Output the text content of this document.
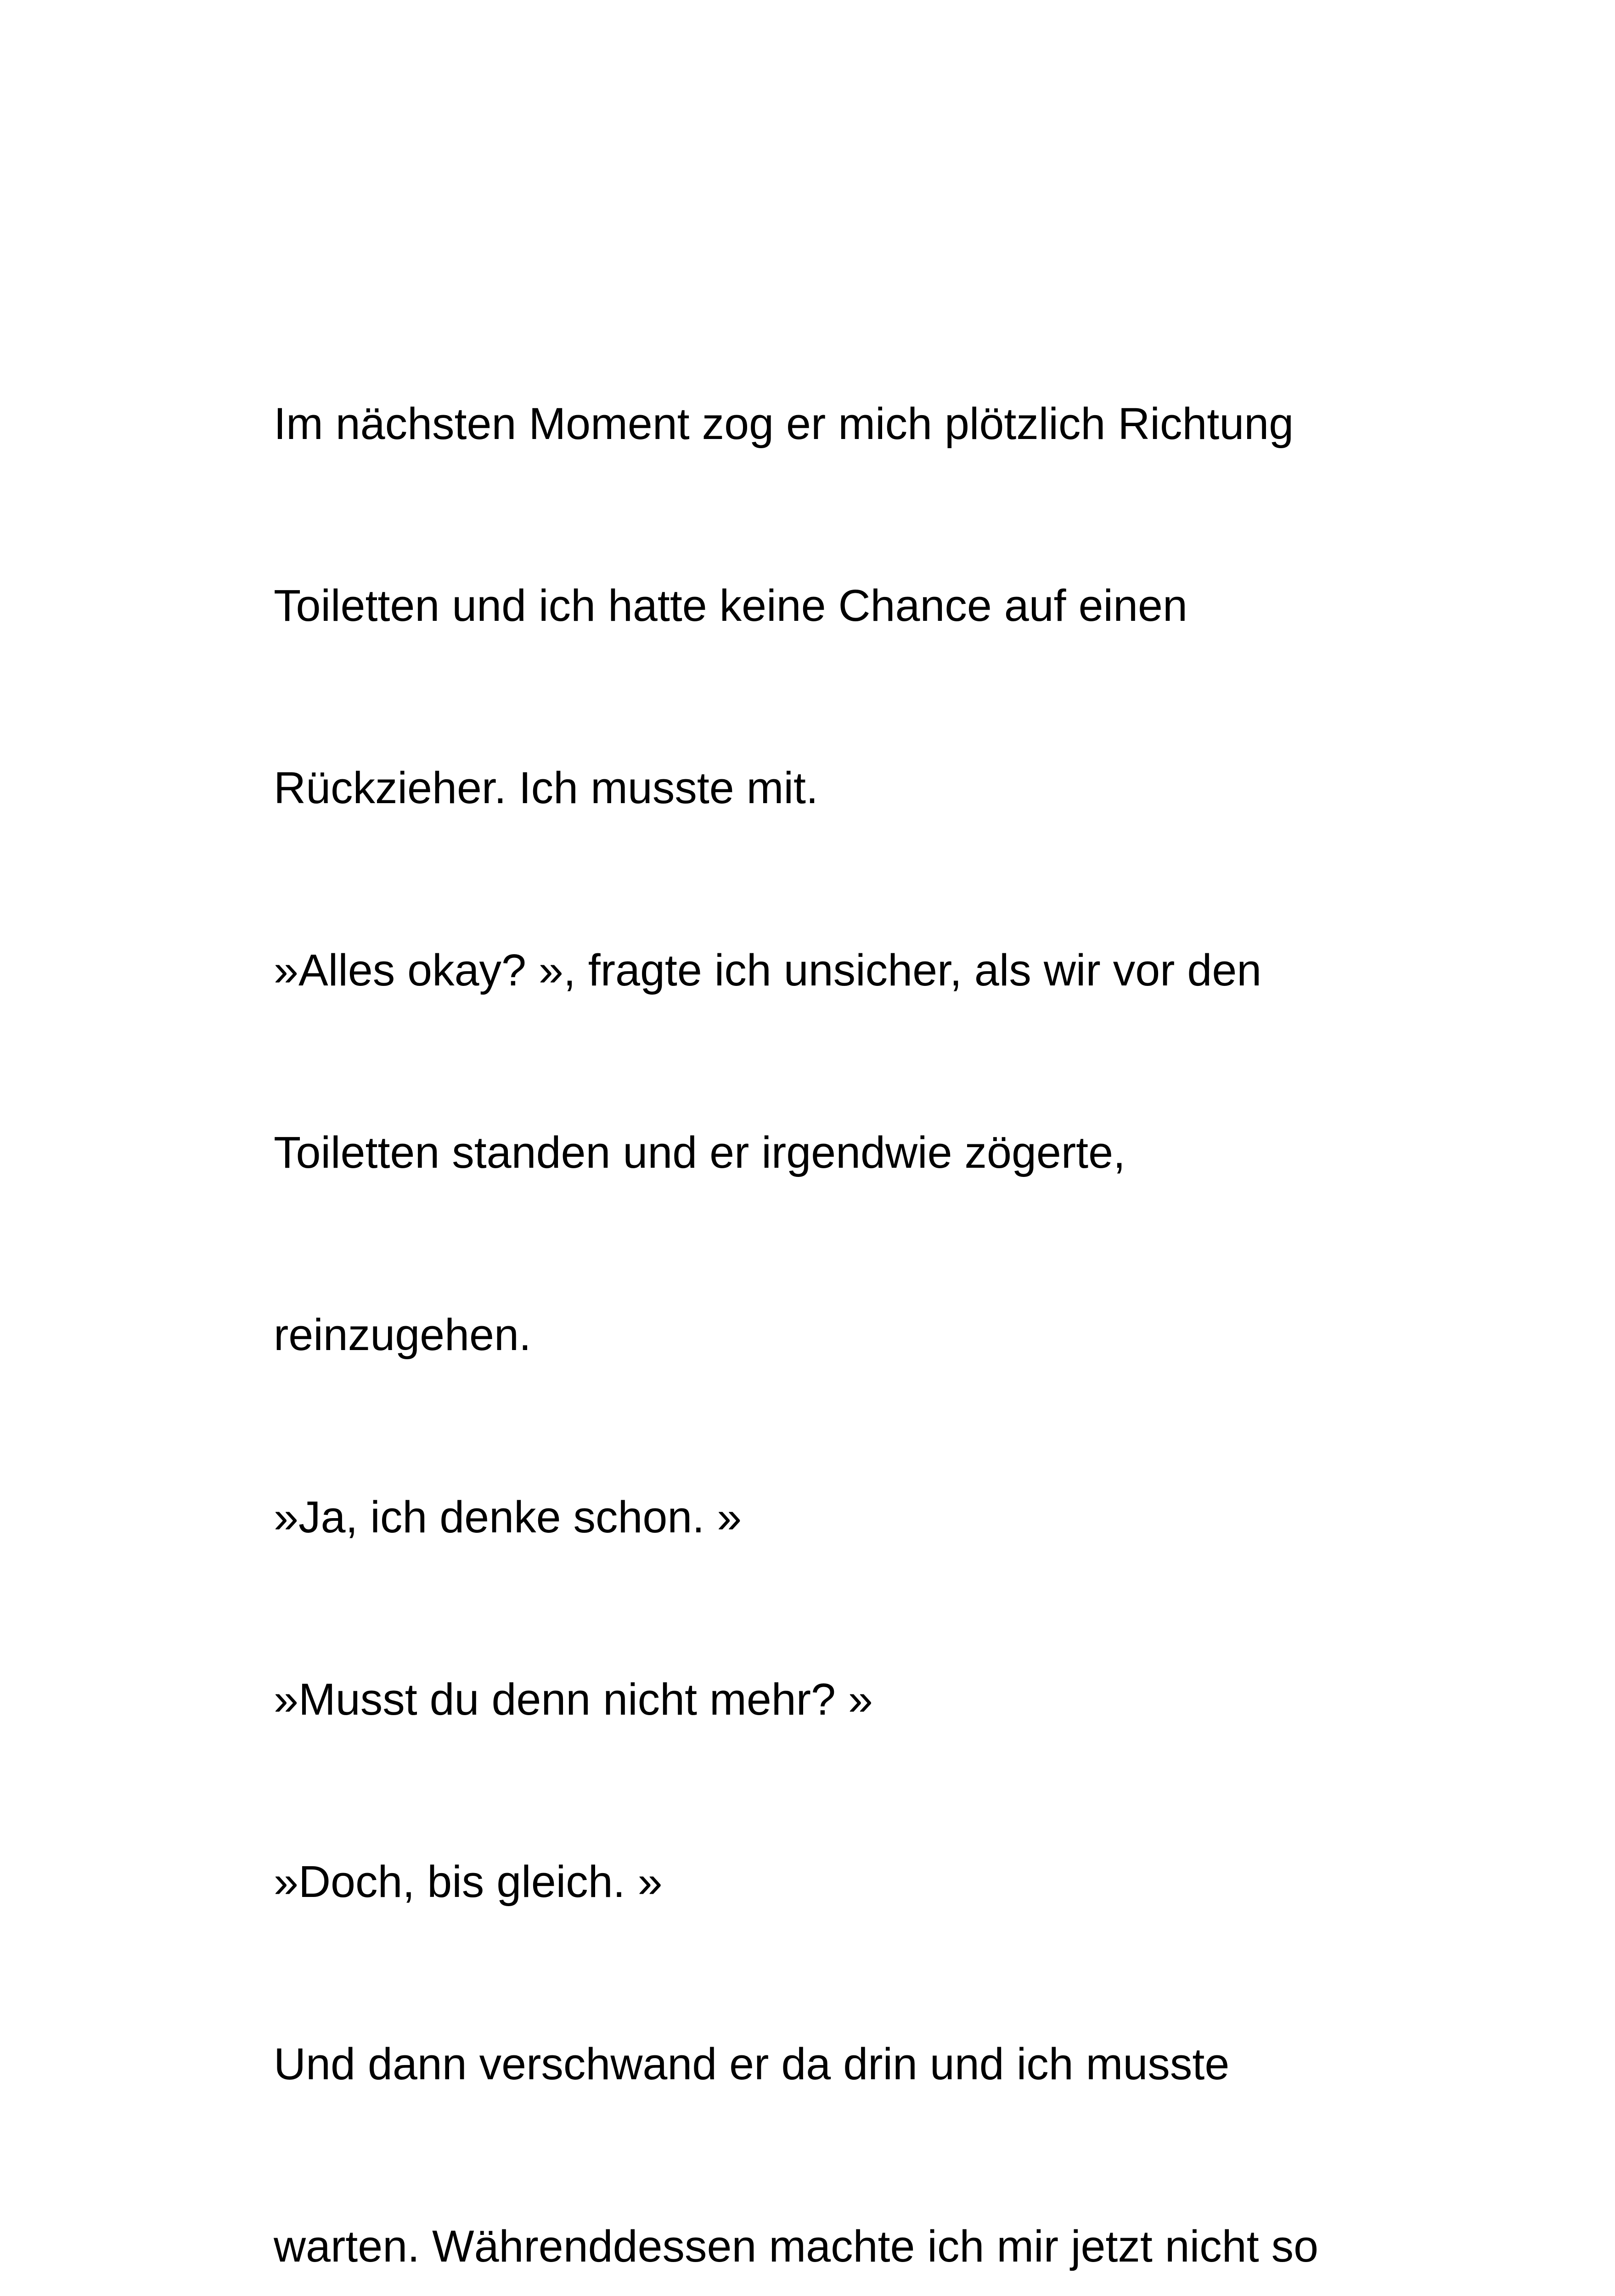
Im nächsten Moment zog er mich plötzlich Richtung

Toiletten und ich hatte keine Chance auf einen

Rückzieher. Ich musste mit.

»Alles okay? », fragte ich unsicher, als wir vor den

Toiletten standen und er irgendwie zögerte,

reinzugehen.

»Ja, ich denke schon. »

»Musst du denn nicht mehr? »

»Doch, bis gleich. »

Und dann verschwand er da drin und ich musste

warten. Währenddessen machte ich mir jetzt nicht so
